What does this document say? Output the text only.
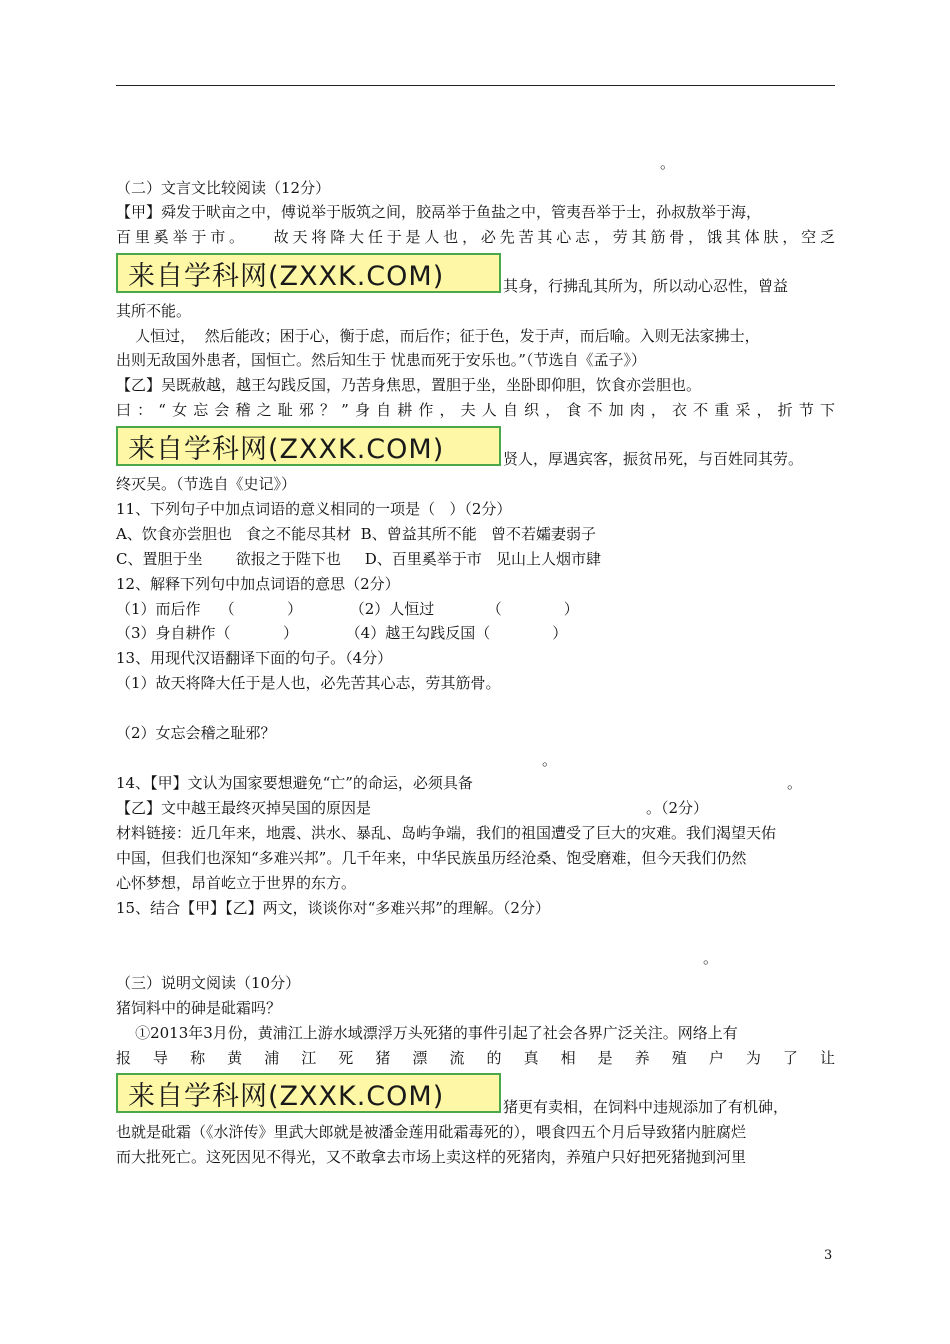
。
（二）文言文比较阅读（12分）
【甲】舜发于畎亩之中，傅说举于版筑之间，胶鬲举于鱼盐之中，管夷吾举于士，孙叔敖举于海，
百里奚举于市。   故天将降大任于是人也，必先苦其心志，劳其筋骨，饿其体肤，空乏
来自学科网(ZXXK.COM)	其身，行拂乱其所为，所以动心忍性，曾益
其所不能。
人恒过，  然后能改；困于心，衡于虑，而后作；征于色，发于声，而后喻。入则无法家拂士，
出则无敌国外患者，国恒亡。然后知生于 忧患而死于安乐也。”（节选自《孟子》）
【乙】吴既赦越，越王勾践反国，乃苦身焦思，置胆于坐，坐卧即仰胆，饮食亦尝胆也。
曰：“女忘会稽之耻邪？”身自耕作，夫人自织，食不加肉，衣不重采，折节下
来自学科网(ZXXK.COM)	贤人，厚遇宾客，振贫吊死，与百姓同其劳。
终灭吴。（节选自《史记》）
11、下列句子中加点词语的意义相同的一项是（   ）（2分）
A、饮食亦尝胆也   食之不能尽其材  B、曾益其所不能   曾不若孀妻弱子
C、置胆于坐       欲报之于陛下也     D、百里奚举于市   见山上人烟市肆
12、解释下列句中加点词语的意思（2分）
（1）而后作    （           ）          （2）人恒过           （             ）
（3）身自耕作（           ）          （4）越王勾践反国（             ）
13、用现代汉语翻译下面的句子。（4分）
（1）故天将降大任于是人也，必先苦其心志，劳其筋骨。
（2）女忘会稽之耻邪？
。
14、【甲】文认为国家要想避免“亡”的命运，必须具备	。
【乙】文中越王最终灭掉吴国的原因是	。（2分）
材料链接：近几年来，地震、洪水、暴乱、岛屿争端，我们的祖国遭受了巨大的灾难。我们渴望天佑
中国，但我们也深知“多难兴邦”。几千年来，中华民族虽历经沧桑、饱受磨难，但今天我们仍然
心怀梦想，昂首屹立于世界的东方。
15、结合【甲】【乙】两文，谈谈你对“多难兴邦”的理解。（2分）
。
（三）说明文阅读（10分）
猪饲料中的砷是砒霜吗？
①2013年3月份，黄浦江上游水域漂浮万头死猪的事件引起了社会各界广泛关注。网络上有
报导称黄浦江死猪漂流的真相是养殖户为了让
来自学科网(ZXXK.COM)	猪更有卖相，在饲料中违规添加了有机砷，
也就是砒霜（《水浒传》里武大郎就是被潘金莲用砒霜毒死的），喂食四五个月后导致猪内脏腐烂
而大批死亡。这死因见不得光，又不敢拿去市场上卖这样的死猪肉，养殖户只好把死猪抛到河里
3
